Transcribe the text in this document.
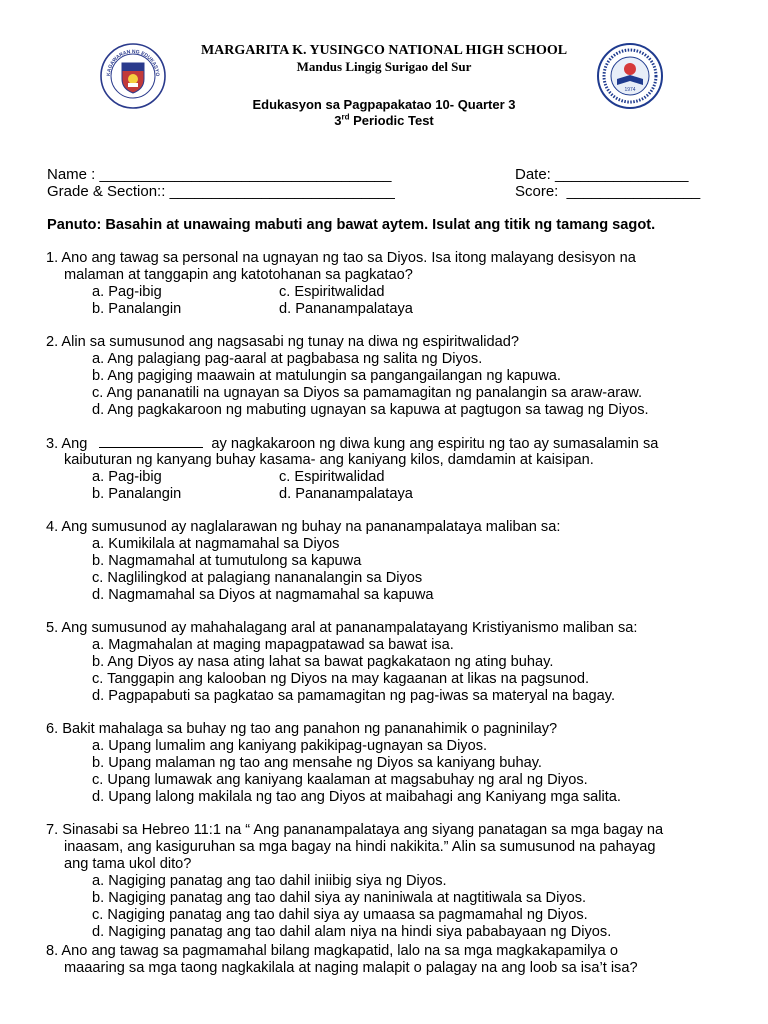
KAGAWARAN NG EDUKASYO
1974
MARGARITA K. YUSINGCO NATIONAL HIGH SCHOOL
Mandus Lingig Surigao del Sur
Edukasyon sa Pagpapakatao 10- Quarter 3
3rd Periodic Test
Name : ___________________________________	Date: ________________
Grade & Section:: ___________________________	Score:  ________________
Panuto: Basahin at unawaing mabuti ang bawat aytem. Isulat ang titik ng tamang sagot.
1. Ano ang tawag sa personal na ugnayan ng tao sa Diyos. Isa itong malayang desisyon na
malaman at tanggapin ang katotohanan sa pagkatao?
a. Pag-ibig	c. Espiritwalidad
b. Panalangin	d. Pananampalataya
2. Alin sa sumusunod ang nagsasabi ng tunay na diwa ng espiritwalidad?
a. Ang palagiang pag-aaral at pagbabasa ng salita ng Diyos.
b. Ang pagiging maawain at matulungin sa pangangailangan ng kapuwa.
c. Ang pananatili na ugnayan sa Diyos sa pamamagitan ng panalangin sa araw-araw.
d. Ang pagkakaroon ng mabuting ugnayan sa kapuwa at pagtugon sa tawag ng Diyos.
3. Ang	ay nagkakaroon ng diwa kung ang espiritu ng tao ay sumasalamin sa
kaibuturan ng kanyang buhay kasama- ang kaniyang kilos, damdamin at kaisipan.
a. Pag-ibig	c. Espiritwalidad
b. Panalangin	d. Pananampalataya
4. Ang sumusunod ay naglalarawan ng buhay na pananampalataya maliban sa:
a. Kumikilala at nagmamahal sa Diyos
b. Nagmamahal at tumutulong sa kapuwa
c. Naglilingkod at palagiang nananalangin sa Diyos
d. Nagmamahal sa Diyos at nagmamahal sa kapuwa
5. Ang sumusunod ay mahahalagang aral at pananampalatayang Kristiyanismo maliban sa:
a. Magmahalan at maging mapagpatawad sa bawat isa.
b. Ang Diyos ay nasa ating lahat sa bawat pagkakataon ng ating buhay.
c. Tanggapin ang kalooban ng Diyos na may kagaanan at likas na pagsunod.
d. Pagpapabuti sa pagkatao sa pamamagitan ng pag-iwas sa materyal na bagay.
6. Bakit mahalaga sa buhay ng tao ang panahon ng pananahimik o pagninilay?
a. Upang lumalim ang kaniyang pakikipag-ugnayan sa Diyos.
b. Upang malaman ng tao ang mensahe ng Diyos sa kaniyang buhay.
c. Upang lumawak ang kaniyang kaalaman at magsabuhay ng aral ng Diyos.
d. Upang lalong makilala ng tao ang Diyos at maibahagi ang Kaniyang mga salita.
7. Sinasabi sa Hebreo 11:1 na “ Ang pananampalataya ang siyang panatagan sa mga bagay na
inaasam, ang kasiguruhan sa mga bagay na hindi nakikita.” Alin sa sumusunod na pahayag
ang tama ukol dito?
a. Nagiging panatag ang tao dahil iniibig siya ng Diyos.
b. Nagiging panatag ang tao dahil siya ay naniniwala at nagtitiwala sa Diyos.
c. Nagiging panatag ang tao dahil siya ay umaasa sa pagmamahal ng Diyos.
d. Nagiging panatag ang tao dahil alam niya na hindi siya pababayaan ng Diyos.
8. Ano ang tawag sa pagmamahal bilang magkapatid, lalo na sa mga magkakapamilya o
maaaring sa mga taong nagkakilala at naging malapit o palagay na ang loob sa isa’t isa?
